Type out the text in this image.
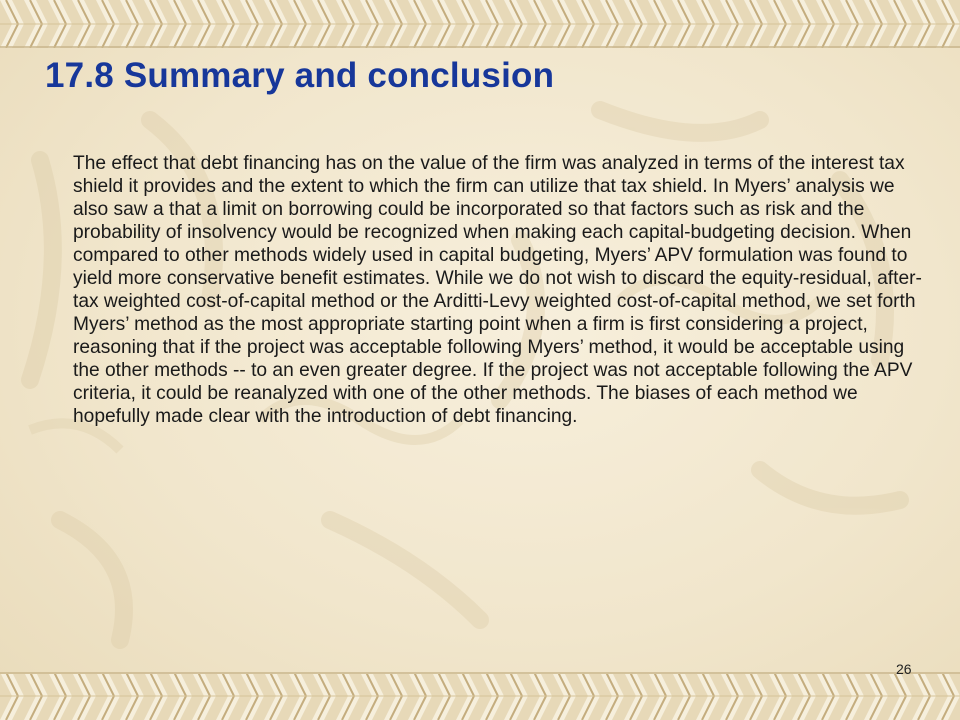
17.8 Summary and conclusion

The effect that debt financing has on the value of the firm was analyzed in terms of the interest tax shield it provides and the extent to which the firm can utilize that tax shield. In Myers’ analysis we also saw a that a limit on borrowing could be incorporated so that factors such as risk and the probability of insolvency would be recognized when making each capital-budgeting decision. When compared to other methods widely used in capital budgeting, Myers’ APV formulation was found to yield more conservative benefit estimates. While we do not wish to discard the equity-residual, after-tax weighted cost-of-capital method or the Arditti-Levy weighted cost-of-capital method, we set forth Myers’ method as the most appropriate starting point when a firm is first considering a project, reasoning that if the project was acceptable following Myers’ method, it would be acceptable using the other methods -- to an even greater degree. If the project was not acceptable following the APV criteria, it could be reanalyzed with one of the other methods. The biases of each method we hopefully made clear with the introduction of debt financing.

26
